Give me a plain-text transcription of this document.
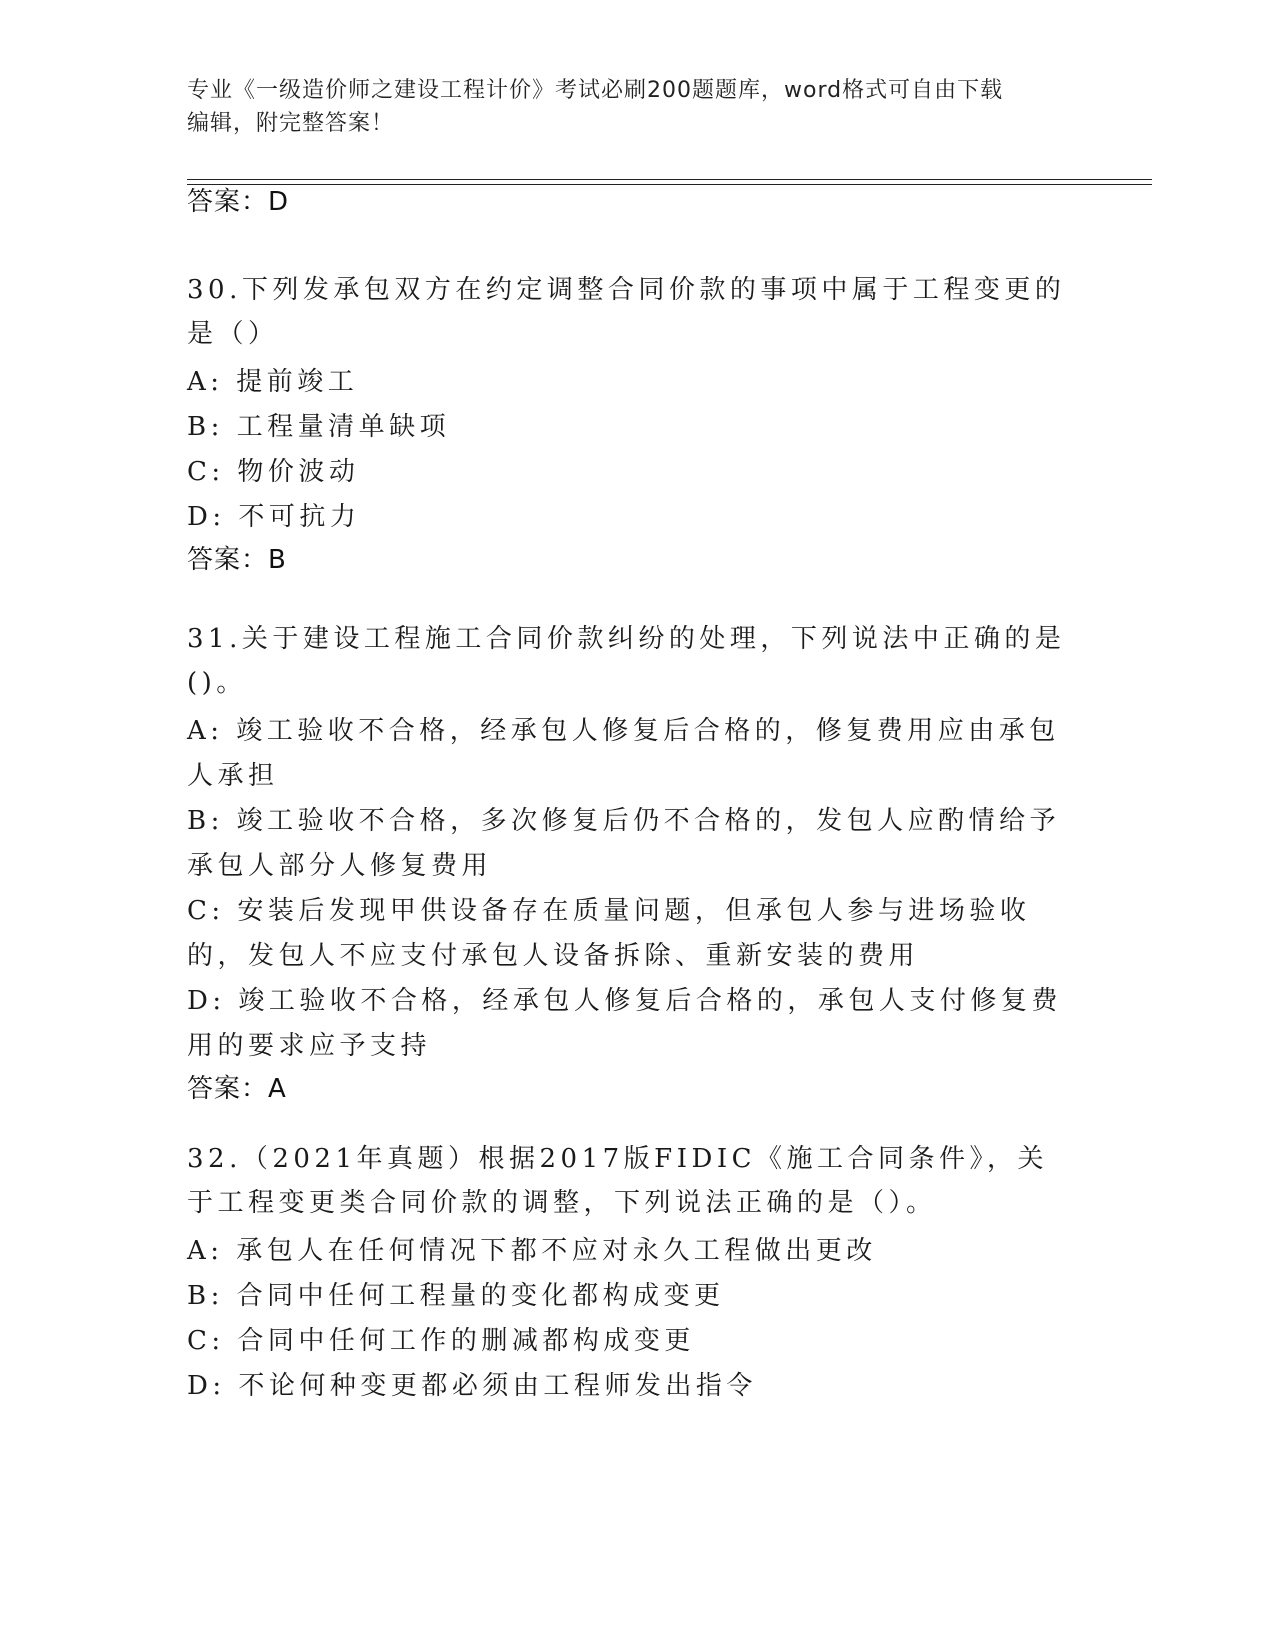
专业《一级造价师之建设工程计价》考试必刷200题题库，word格式可自由下载
编辑，附完整答案！
答案：D
30.下列发承包双方在约定调整合同价款的事项中属于工程变更的是（）
A: 提前竣工
B: 工程量清单缺项
C: 物价波动
D: 不可抗力
答案：B
31.关于建设工程施工合同价款纠纷的处理，下列说法中正确的是()。
A: 竣工验收不合格，经承包人修复后合格的，修复费用应由承包人承担
B: 竣工验收不合格，多次修复后仍不合格的，发包人应酌情给予承包人部分人修复费用
C: 安装后发现甲供设备存在质量问题，但承包人参与进场验收的，发包人不应支付承包人设备拆除、重新安装的费用
D: 竣工验收不合格，经承包人修复后合格的，承包人支付修复费用的要求应予支持
答案：A
32.（2021年真题）根据2017版FIDIC《施工合同条件》，关于工程变更类合同价款的调整，下列说法正确的是（）。
A: 承包人在任何情况下都不应对永久工程做出更改
B: 合同中任何工程量的变化都构成变更
C: 合同中任何工作的删减都构成变更
D: 不论何种变更都必须由工程师发出指令
